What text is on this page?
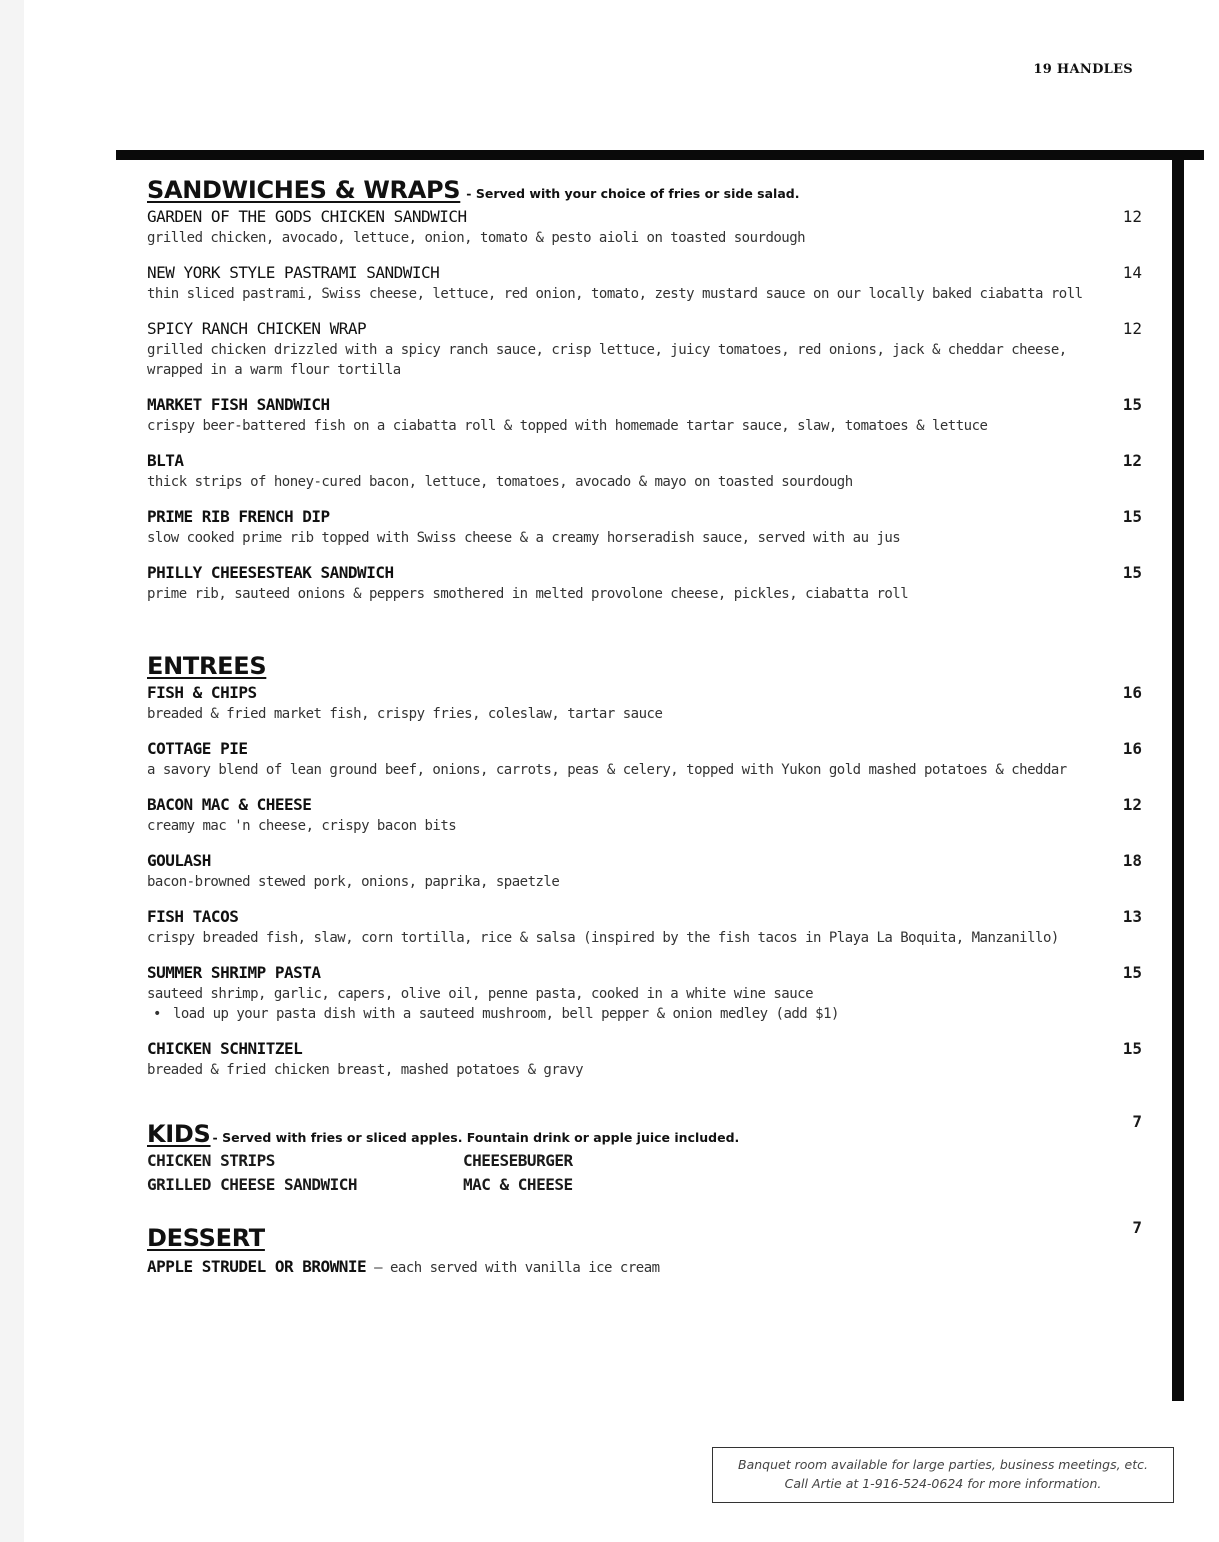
19 HANDLES
SANDWICHES & WRAPS - Served with your choice of fries or side salad.
GARDEN OF THE GODS CHICKEN SANDWICH	12
grilled chicken, avocado, lettuce, onion, tomato & pesto aioli on toasted sourdough
NEW YORK STYLE PASTRAMI SANDWICH	14
thin sliced pastrami, Swiss cheese, lettuce, red onion, tomato, zesty mustard sauce on our locally baked ciabatta roll
SPICY RANCH CHICKEN WRAP	12
grilled chicken drizzled with a spicy ranch sauce, crisp lettuce, juicy tomatoes, red onions, jack & cheddar cheese, wrapped in a warm flour tortilla
MARKET FISH SANDWICH	15
crispy beer-battered fish on a ciabatta roll & topped with homemade tartar sauce, slaw, tomatoes & lettuce
BLTA	12
thick strips of honey-cured bacon, lettuce, tomatoes, avocado & mayo on toasted sourdough
PRIME RIB FRENCH DIP	15
slow cooked prime rib topped with Swiss cheese & a creamy horseradish sauce, served with au jus
PHILLY CHEESESTEAK SANDWICH	15
prime rib, sauteed onions & peppers smothered in melted provolone cheese, pickles, ciabatta roll
ENTREES
FISH & CHIPS	16
breaded & fried market fish, crispy fries, coleslaw, tartar sauce
COTTAGE PIE	16
a savory blend of lean ground beef, onions, carrots, peas & celery, topped with Yukon gold mashed potatoes & cheddar
BACON MAC & CHEESE	12
creamy mac 'n cheese, crispy bacon bits
GOULASH	18
bacon-browned stewed pork, onions, paprika, spaetzle
FISH TACOS	13
crispy breaded fish, slaw, corn tortilla, rice & salsa (inspired by the fish tacos in Playa La Boquita, Manzanillo)
SUMMER SHRIMP PASTA	15
sauteed shrimp, garlic, capers, olive oil, penne pasta, cooked in a white wine sauce
• load up your pasta dish with a sauteed mushroom, bell pepper & onion medley (add $1)
CHICKEN SCHNITZEL	15
breaded & fried chicken breast, mashed potatoes & gravy
KIDS - Served with fries or sliced apples. Fountain drink or apple juice included.
7
CHICKEN STRIPS	CHEESEBURGER
GRILLED CHEESE SANDWICH	MAC & CHEESE
DESSERT	7
APPLE STRUDEL OR BROWNIE – each served with vanilla ice cream
Banquet room available for large parties, business meetings, etc.
Call Artie at 1-916-524-0624 for more information.
